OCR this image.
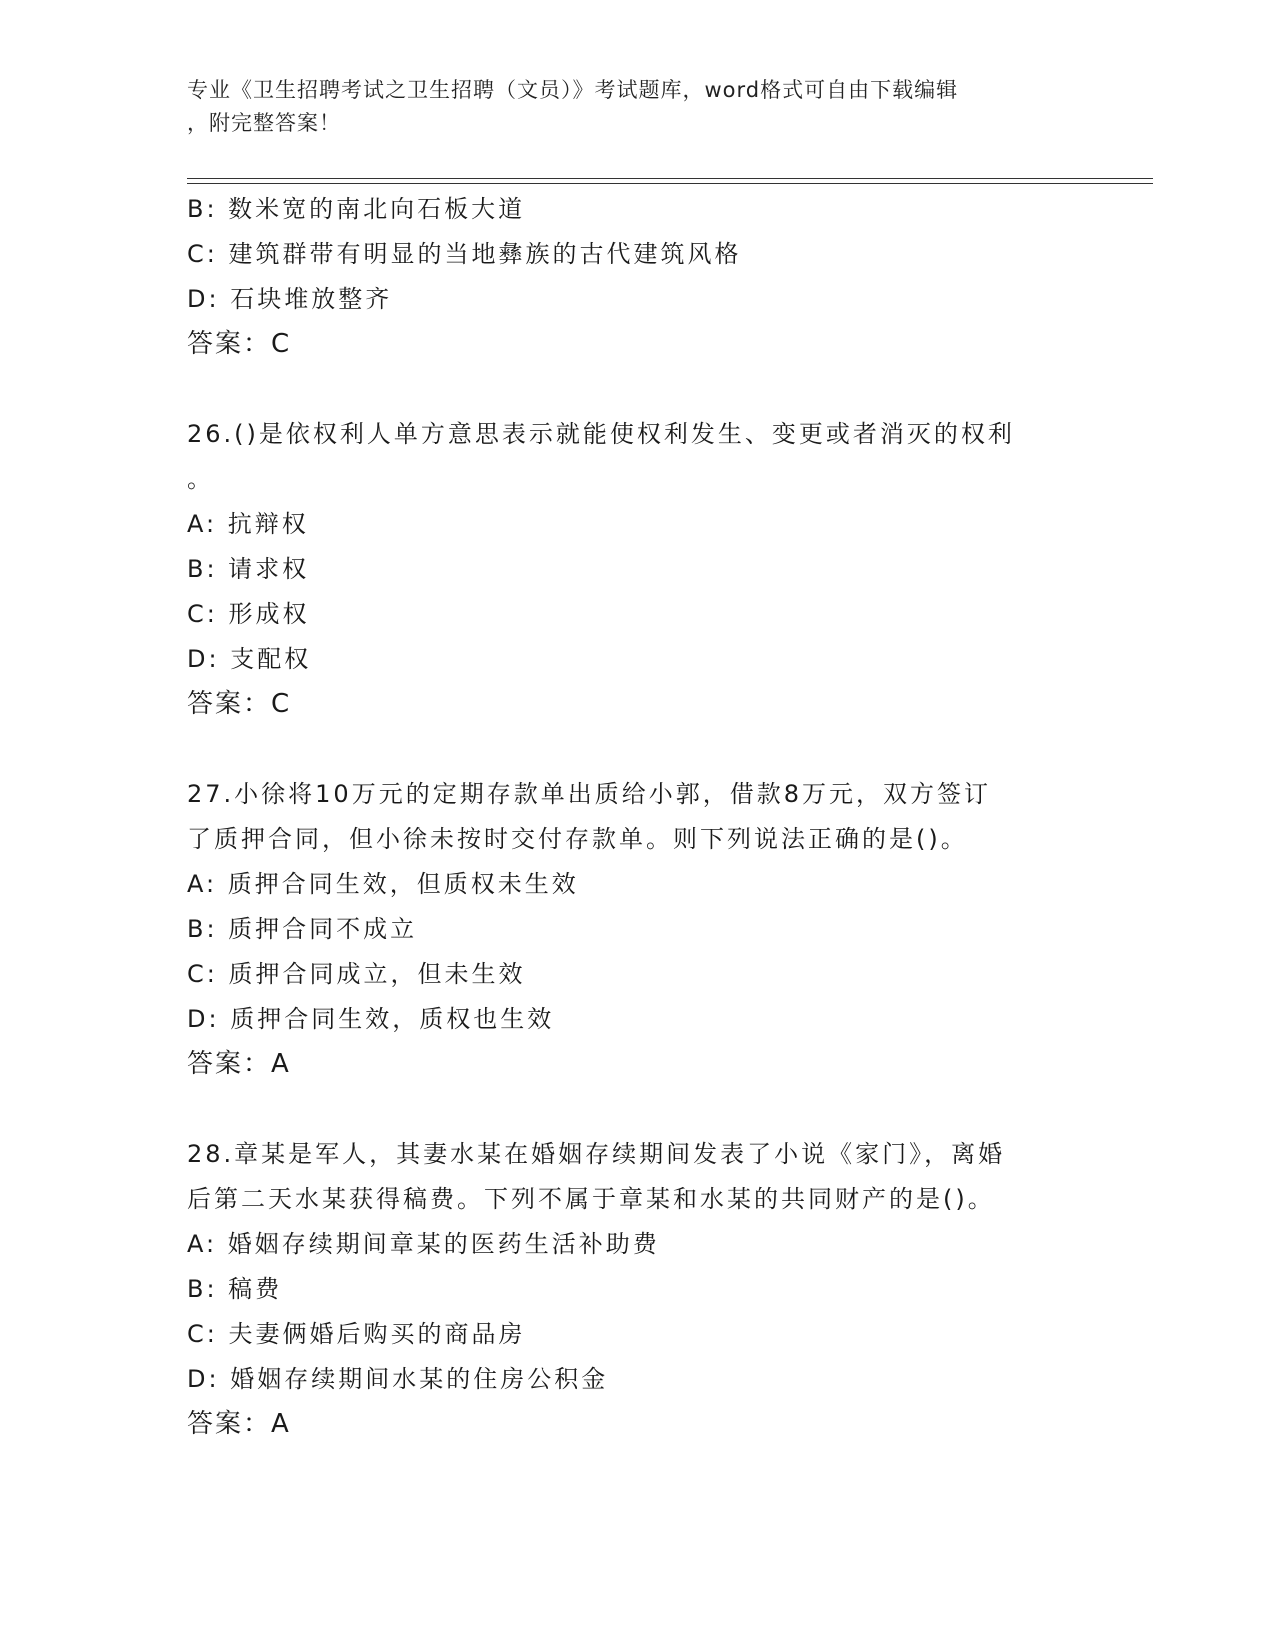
专业《卫生招聘考试之卫生招聘（文员）》考试题库，word格式可自由下载编辑
，附完整答案！
B: 数米宽的南北向石板大道
C: 建筑群带有明显的当地彝族的古代建筑风格
D: 石块堆放整齐
答案：C
26.()是依权利人单方意思表示就能使权利发生、变更或者消灭的权利
。
A: 抗辩权
B: 请求权
C: 形成权
D: 支配权
答案：C
27.小徐将10万元的定期存款单出质给小郭，借款8万元，双方签订
了质押合同，但小徐未按时交付存款单。则下列说法正确的是()。
A: 质押合同生效，但质权未生效
B: 质押合同不成立
C: 质押合同成立，但未生效
D: 质押合同生效，质权也生效
答案：A
28.章某是军人，其妻水某在婚姻存续期间发表了小说《家门》，离婚
后第二天水某获得稿费。下列不属于章某和水某的共同财产的是()。
A: 婚姻存续期间章某的医药生活补助费
B: 稿费
C: 夫妻俩婚后购买的商品房
D: 婚姻存续期间水某的住房公积金
答案：A
